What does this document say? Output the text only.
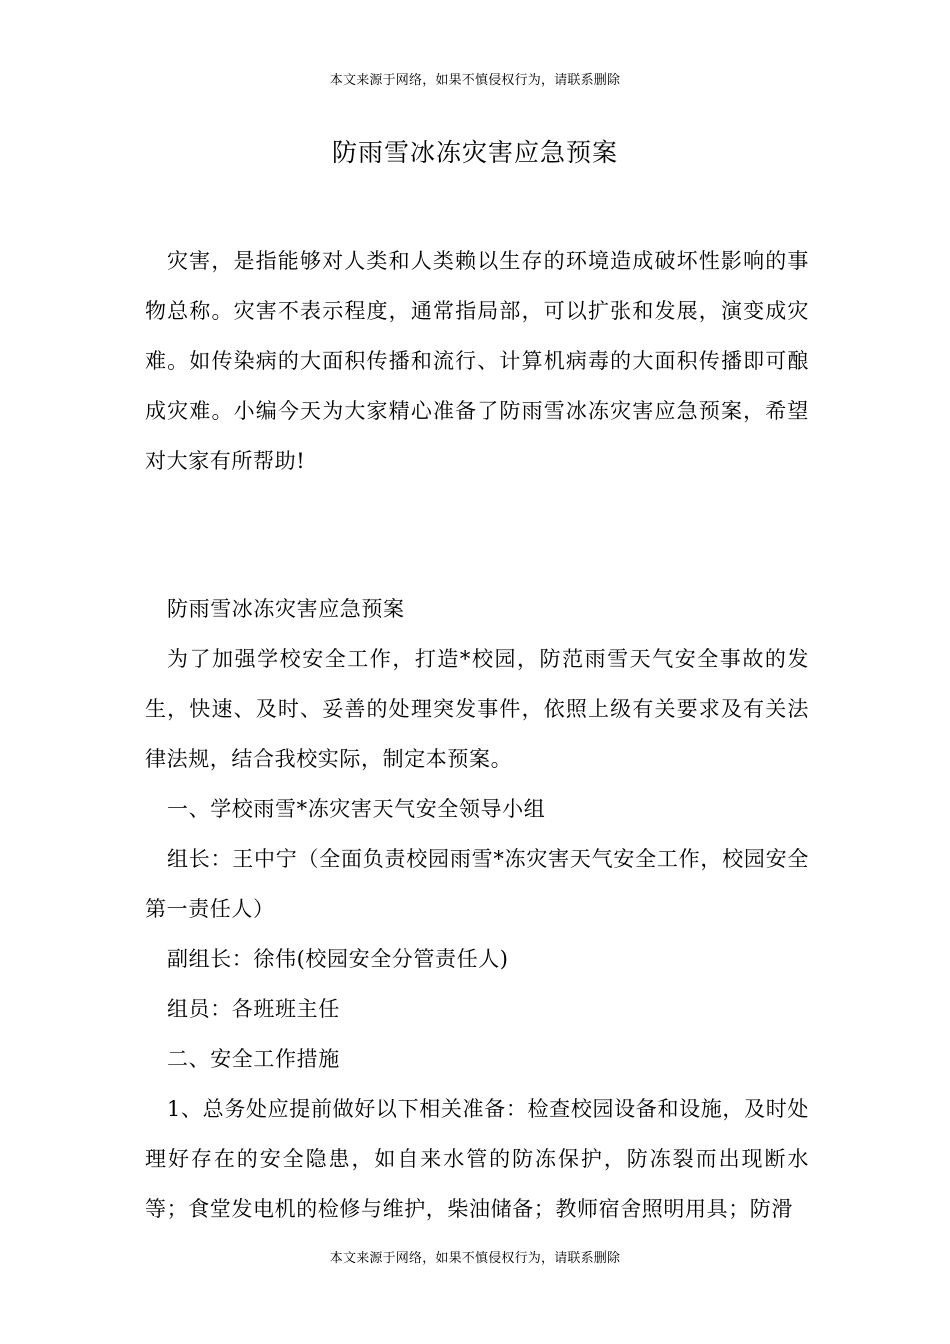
本文来源于网络，如果不慎侵权行为，请联系删除
防雨雪冰冻灾害应急预案

灾害，是指能够对人类和人类赖以生存的环境造成破坏性影响的事物总称。灾害不表示程度，通常指局部，可以扩张和发展，演变成灾难。如传染病的大面积传播和流行、计算机病毒的大面积传播即可酿成灾难。小编今天为大家精心准备了防雨雪冰冻灾害应急预案，希望对大家有所帮助!

防雨雪冰冻灾害应急预案

为了加强学校安全工作，打造*校园，防范雨雪天气安全事故的发生，快速、及时、妥善的处理突发事件，依照上级有关要求及有关法律法规，结合我校实际，制定本预案。

一、学校雨雪*冻灾害天气安全领导小组

组长：王中宁（全面负责校园雨雪*冻灾害天气安全工作，校园安全第一责任人）

副组长：徐伟(校园安全分管责任人)

组员：各班班主任

二、安全工作措施

1、总务处应提前做好以下相关准备：检查校园设备和设施，及时处理好存在的安全隐患，如自来水管的防冻保护，防冻裂而出现断水等；食堂发电机的检修与维护，柴油储备；教师宿舍照明用具；防滑

本文来源于网络，如果不慎侵权行为，请联系删除
